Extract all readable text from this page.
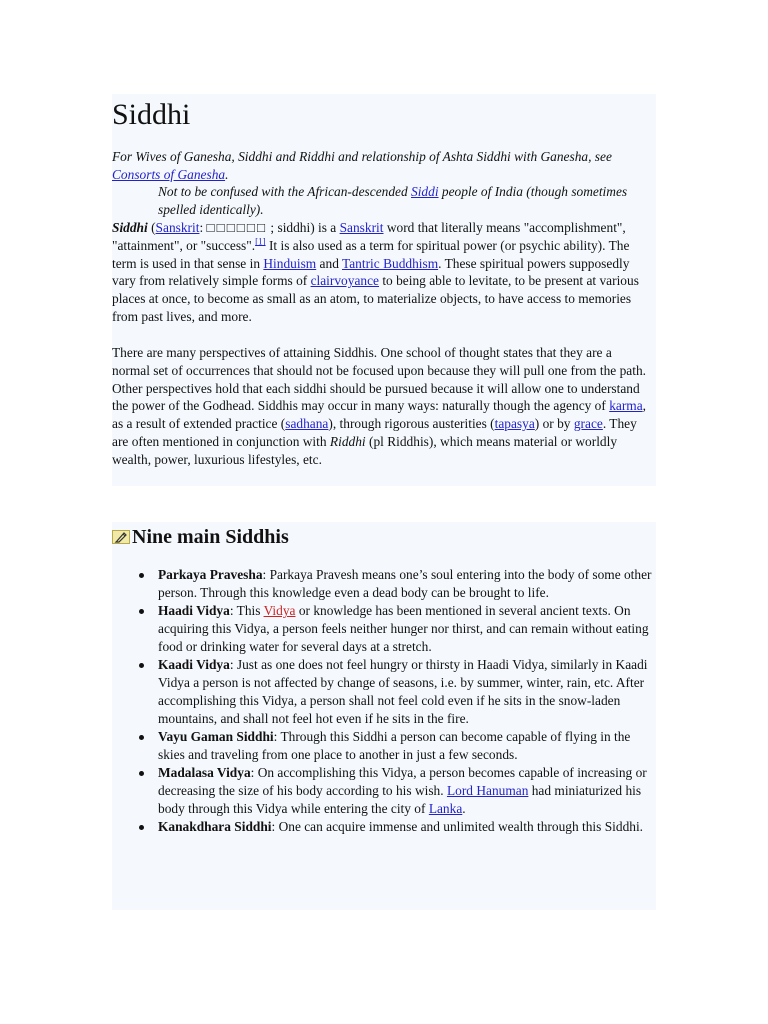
Siddhi
For Wives of Ganesha, Siddhi and Riddhi and relationship of Ashta Siddhi with Ganesha, see Consorts of Ganesha.
Not to be confused with the African-descended Siddi people of India (though sometimes spelled identically).
Siddhi (Sanskrit: □□□□□□ ; siddhi) is a Sanskrit word that literally means "accomplishment", "attainment", or "success".[1] It is also used as a term for spiritual power (or psychic ability). The term is used in that sense in Hinduism and Tantric Buddhism. These spiritual powers supposedly vary from relatively simple forms of clairvoyance to being able to levitate, to be present at various places at once, to become as small as an atom, to materialize objects, to have access to memories from past lives, and more.
There are many perspectives of attaining Siddhis. One school of thought states that they are a normal set of occurrences that should not be focused upon because they will pull one from the path. Other perspectives hold that each siddhi should be pursued because it will allow one to understand the power of the Godhead. Siddhis may occur in many ways: naturally though the agency of karma, as a result of extended practice (sadhana), through rigorous austerities (tapasya) or by grace. They are often mentioned in conjunction with Riddhi (pl Riddhis), which means material or worldly wealth, power, luxurious lifestyles, etc.
Nine main Siddhis
Parkaya Pravesha: Parkaya Pravesh means one’s soul entering into the body of some other person. Through this knowledge even a dead body can be brought to life.
Haadi Vidya: This Vidya or knowledge has been mentioned in several ancient texts. On acquiring this Vidya, a person feels neither hunger nor thirst, and can remain without eating food or drinking water for several days at a stretch.
Kaadi Vidya: Just as one does not feel hungry or thirsty in Haadi Vidya, similarly in Kaadi Vidya a person is not affected by change of seasons, i.e. by summer, winter, rain, etc. After accomplishing this Vidya, a person shall not feel cold even if he sits in the snow-laden mountains, and shall not feel hot even if he sits in the fire.
Vayu Gaman Siddhi: Through this Siddhi a person can become capable of flying in the skies and traveling from one place to another in just a few seconds.
Madalasa Vidya: On accomplishing this Vidya, a person becomes capable of increasing or decreasing the size of his body according to his wish. Lord Hanuman had miniaturized his body through this Vidya while entering the city of Lanka.
Kanakdhara Siddhi: One can acquire immense and unlimited wealth through this Siddhi.
